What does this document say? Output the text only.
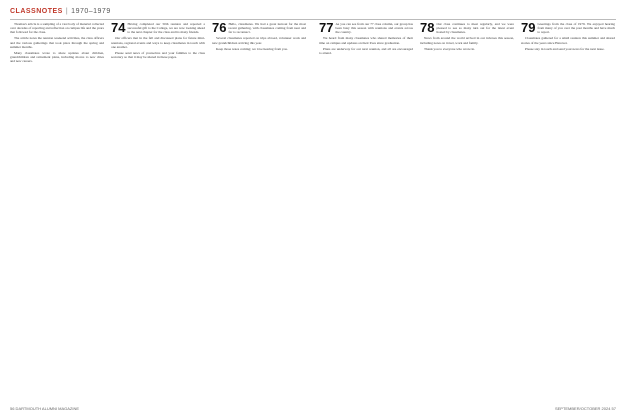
CLASSNOTES | 1970–1979

Thomas's article is a sampling of a vast body of material collected over decades of reporting and reflection on campus life and the years that followed for the class.

The article notes the reunion weekend activities, the class officers and the various gatherings that took place through the spring and summer months.

Many classmates wrote to share updates about children, grandchildren and retirement plans, including moves to new cities and new careers.

74 Having completed our 50th reunion and reported a successful gift to the College, we are now looking ahead to the next chapter for the class and its many friends.

Our officers met in the fall and discussed plans for future mini-reunions, regional events and ways to keep classmates in touch with one another.

Please send news of yourselves and your families to the class secretary so that it may be shared in these pages.

76 Hello, classmates. We had a great turnout for the most recent gathering, with classmates coming from near and far to reconnect.

Several classmates reported on trips abroad, volunteer work and new grandchildren arriving this year.

Keep those notes coming; we love hearing from you.

77 As you can see from our 77 class column, our group has been busy this season with reunions and events across the country.

We heard from many classmates who shared memories of their time on campus and updates on their lives since graduation.

Plans are underway for our next reunion, and all are encouraged to attend.

78 Our class continues to meet regularly, and we were pleased to see so many turn out for the latest event hosted by classmates.

News from around the world arrived in our inboxes this season, including notes on travel, work and family.

Thank you to everyone who wrote in.

79 Greetings from the class of 1979. We enjoyed hearing from many of you over the past months and have much to report.

Classmates gathered for a small reunion this summer and shared stories of the years since Hanover.

Please stay in touch and send your news for the next issue.

56 DARTMOUTH ALUMNI MAGAZINE	SEPTEMBER/OCTOBER 2024 57
